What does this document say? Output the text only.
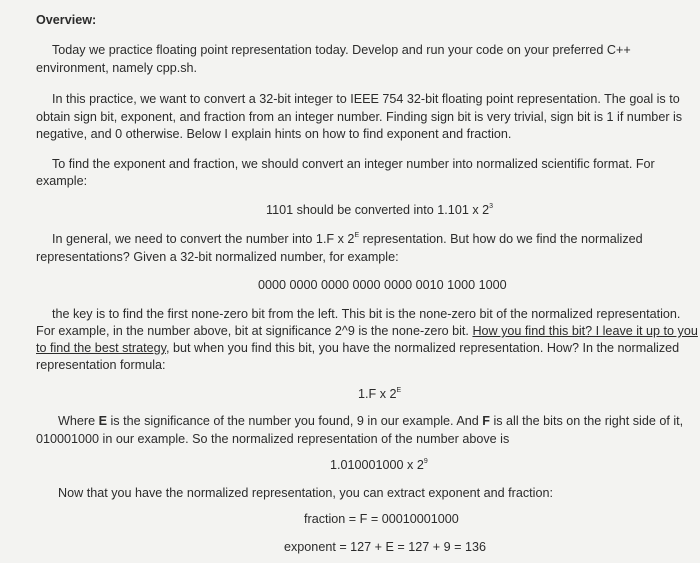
Overview:
Today we practice floating point representation today. Develop and run your code on your preferred C++
environment, namely cpp.sh.
In this practice, we want to convert a 32-bit integer to IEEE 754 32-bit floating point representation. The goal is to
obtain sign bit, exponent, and fraction from an integer number. Finding sign bit is very trivial, sign bit is 1 if number is
negative, and 0 otherwise. Below I explain hints on how to find exponent and fraction.
To find the exponent and fraction, we should convert an integer number into normalized scientific format. For
example:
1101 should be converted into 1.101 x $2^3$
In general, we need to convert the number into 1.F x $2^E$ representation. But how do we find the normalized
representations? Given a 32-bit normalized number, for example:
0000 0000 0000 0000 0000 0010 1000 1000
the key is to find the first none-zero bit from the left. This bit is the none-zero bit of the normalized representation.
For example, in the number above, bit at significance 2^9 is the none-zero bit. How you find this bit? I leave it up to you
to find the best strategy, but when you find this bit, you have the normalized representation. How? In the normalized
representation formula:
1.F x $2^E$
Where E is the significance of the number you found, 9 in our example. And F is all the bits on the right side of it,
010001000 in our example. So the normalized representation of the number above is
1.010001000 x $2^9$
Now that you have the normalized representation, you can extract exponent and fraction:
fraction = F = 00010001000
exponent = 127 + E = 127 + 9 = 136
